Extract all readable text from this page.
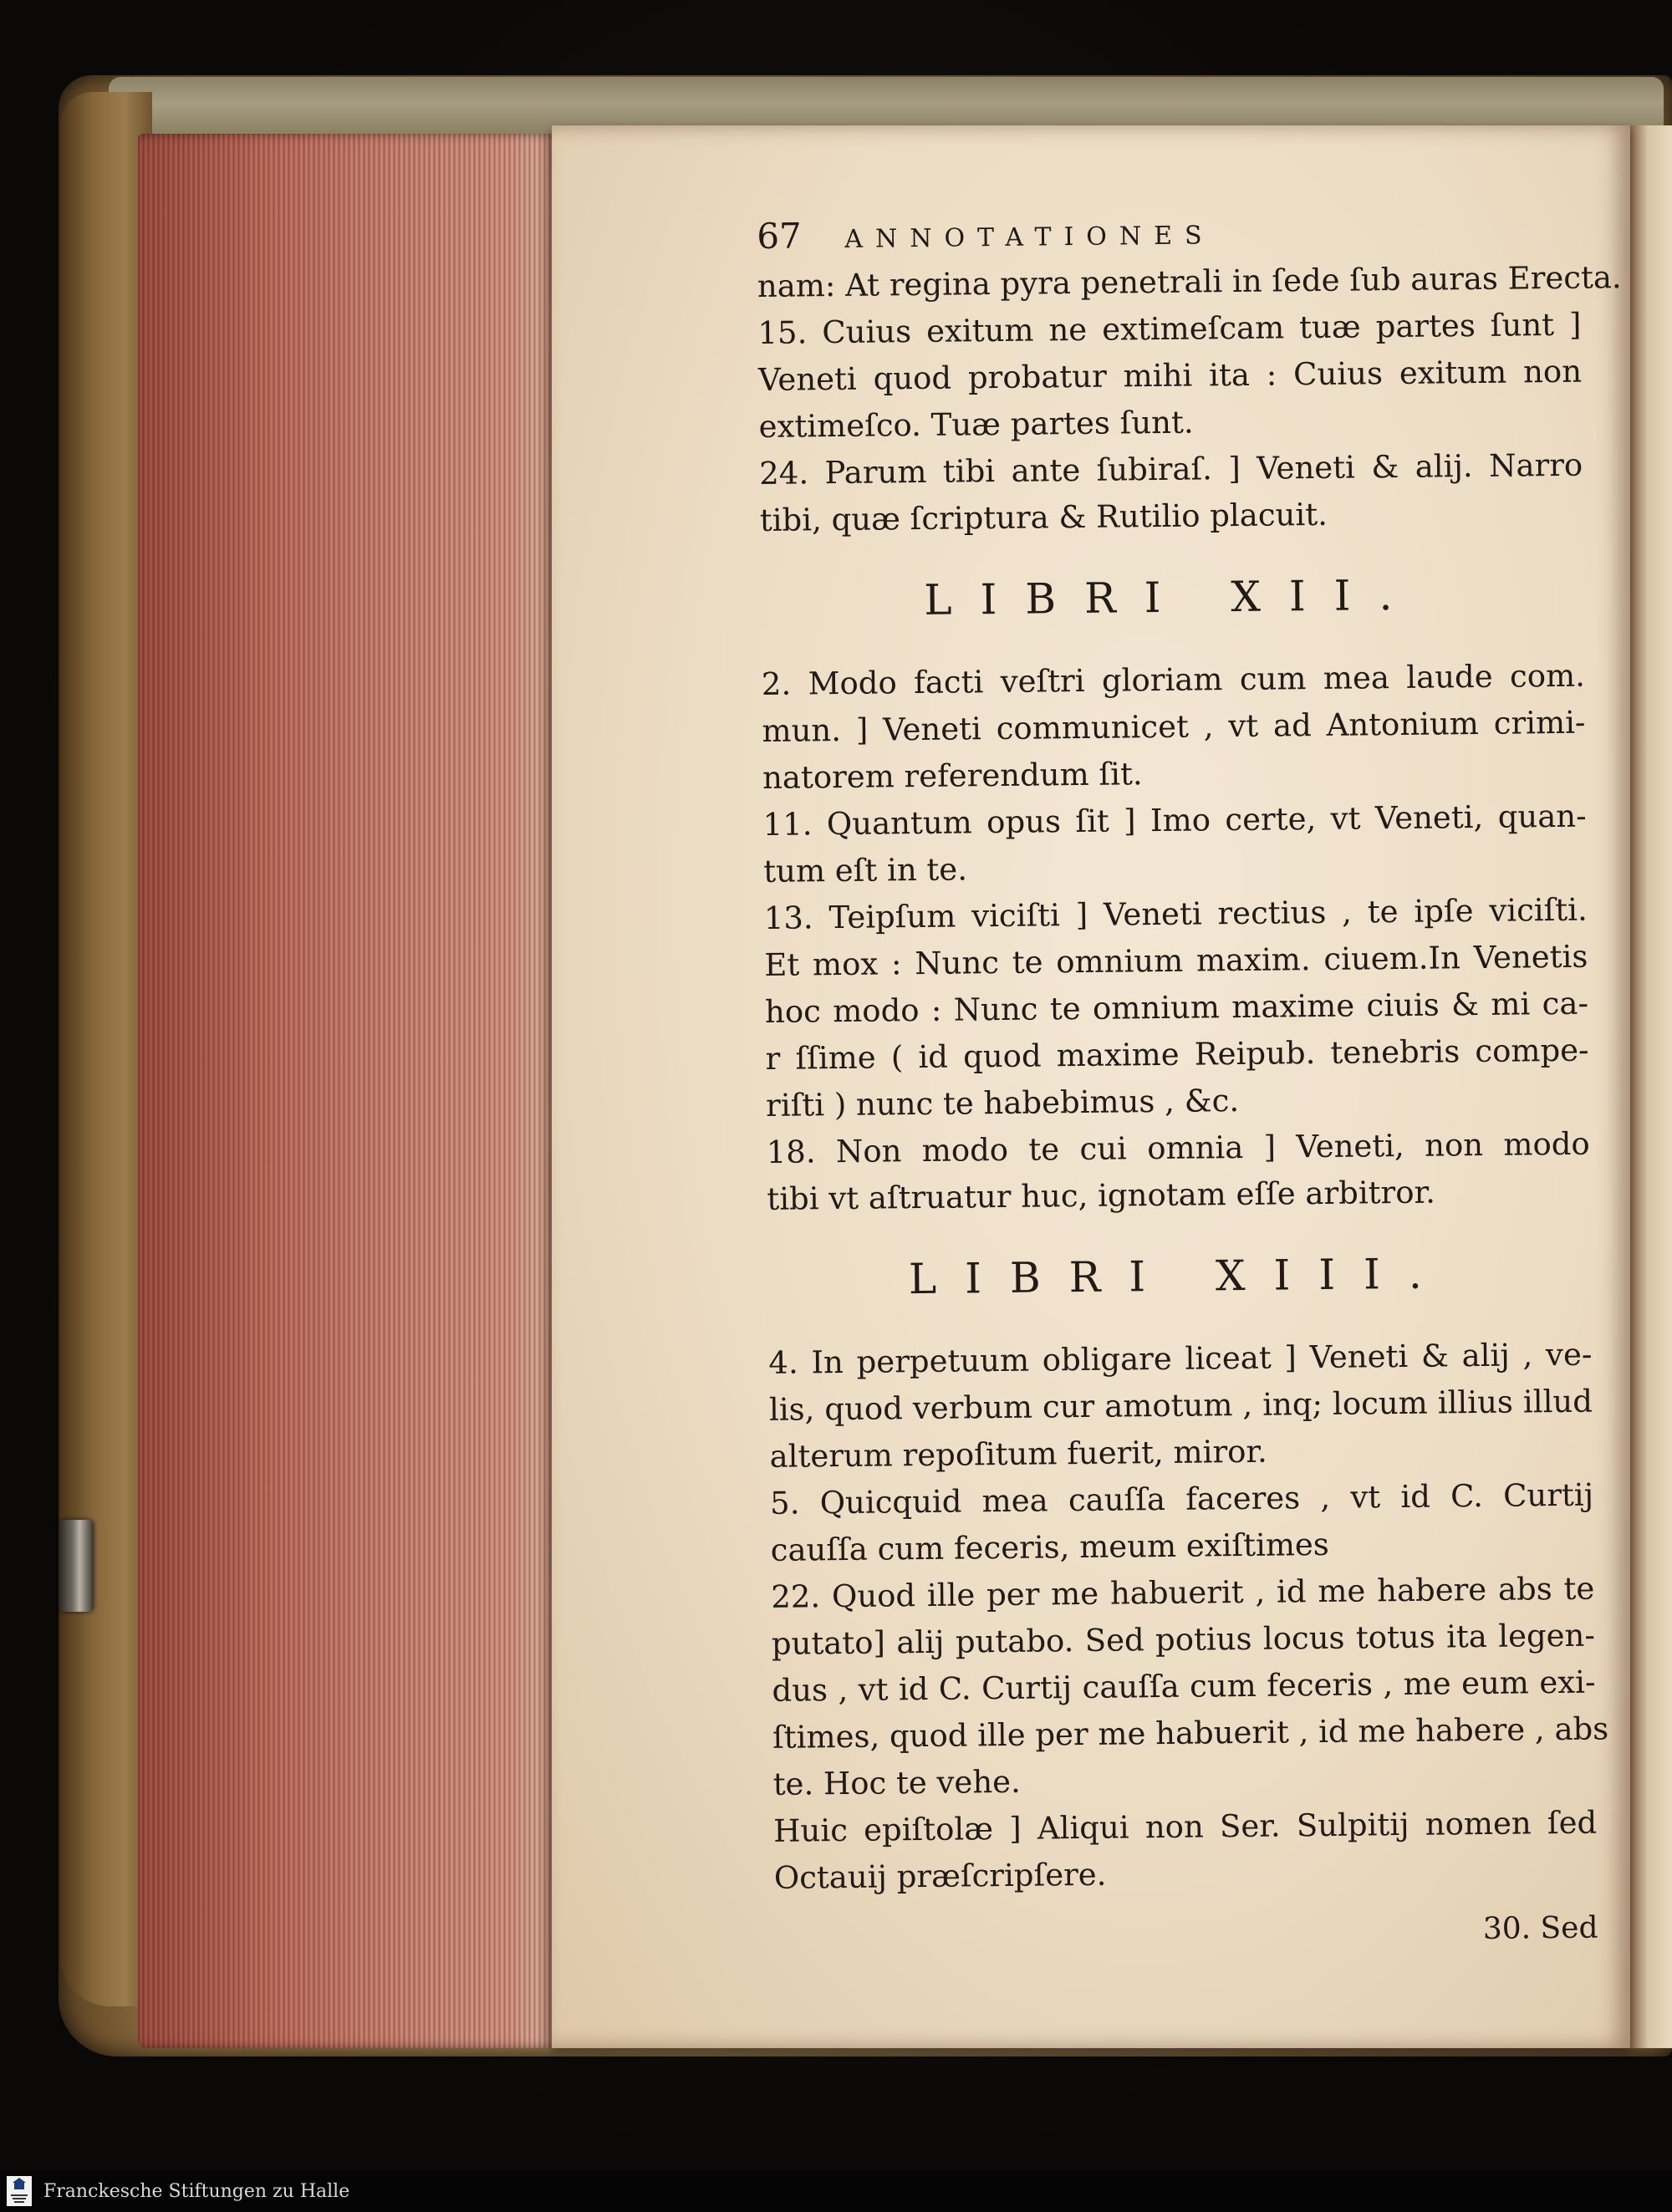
67	ANNOTATIONES
nam: At regina pyra penetrali in ſede ſub auras Erecta.
15. Cuius exitum ne extimeſcam tuæ partes ſunt ]
Veneti quod probatur mihi ita : Cuius exitum non
extimeſco. Tuæ partes ſunt.
24. Parum tibi ante ſubiraſ. ] Veneti & alij. Narro
tibi, quæ ſcriptura & Rutilio placuit.
LIBRI XII.
2. Modo facti veſtri gloriam cum mea laude com.
mun. ] Veneti communicet , vt ad Antonium crimi-
natorem referendum ſit.
11. Quantum opus ſit ] Imo certe, vt Veneti, quan-
tum eſt in te.
13. Teipſum viciſti ] Veneti rectius , te ipſe viciſti.
Et mox : Nunc te omnium maxim. ciuem.In Venetis
hoc modo : Nunc te omnium maxime ciuis & mi ca-
r ſſime ( id quod maxime Reipub. tenebris compe-
riſti ) nunc te habebimus , &c.
18. Non modo te cui omnia ] Veneti, non modo
tibi vt aſtruatur huc, ignotam eſſe arbitror.
LIBRI XIII.
4. In perpetuum obligare liceat ] Veneti & alij , ve-
lis, quod verbum cur amotum , inq; locum illius illud
alterum repoſitum fuerit, miror.
5. Quicquid mea cauſſa faceres , vt id C. Curtij
cauſſa cum feceris, meum exiſtimes
22. Quod ille per me habuerit , id me habere abs te
putato] alij putabo. Sed potius locus totus ita legen-
dus , vt id C. Curtij cauſſa cum feceris , me eum exi-
ſtimes, quod ille per me habuerit , id me habere , abs
te. Hoc te vehe.
Huic epiſtolæ ] Aliqui non Ser. Sulpitij nomen ſed
Octauij præſcripſere.
30. Sed
Franckesche Stiftungen zu Halle
